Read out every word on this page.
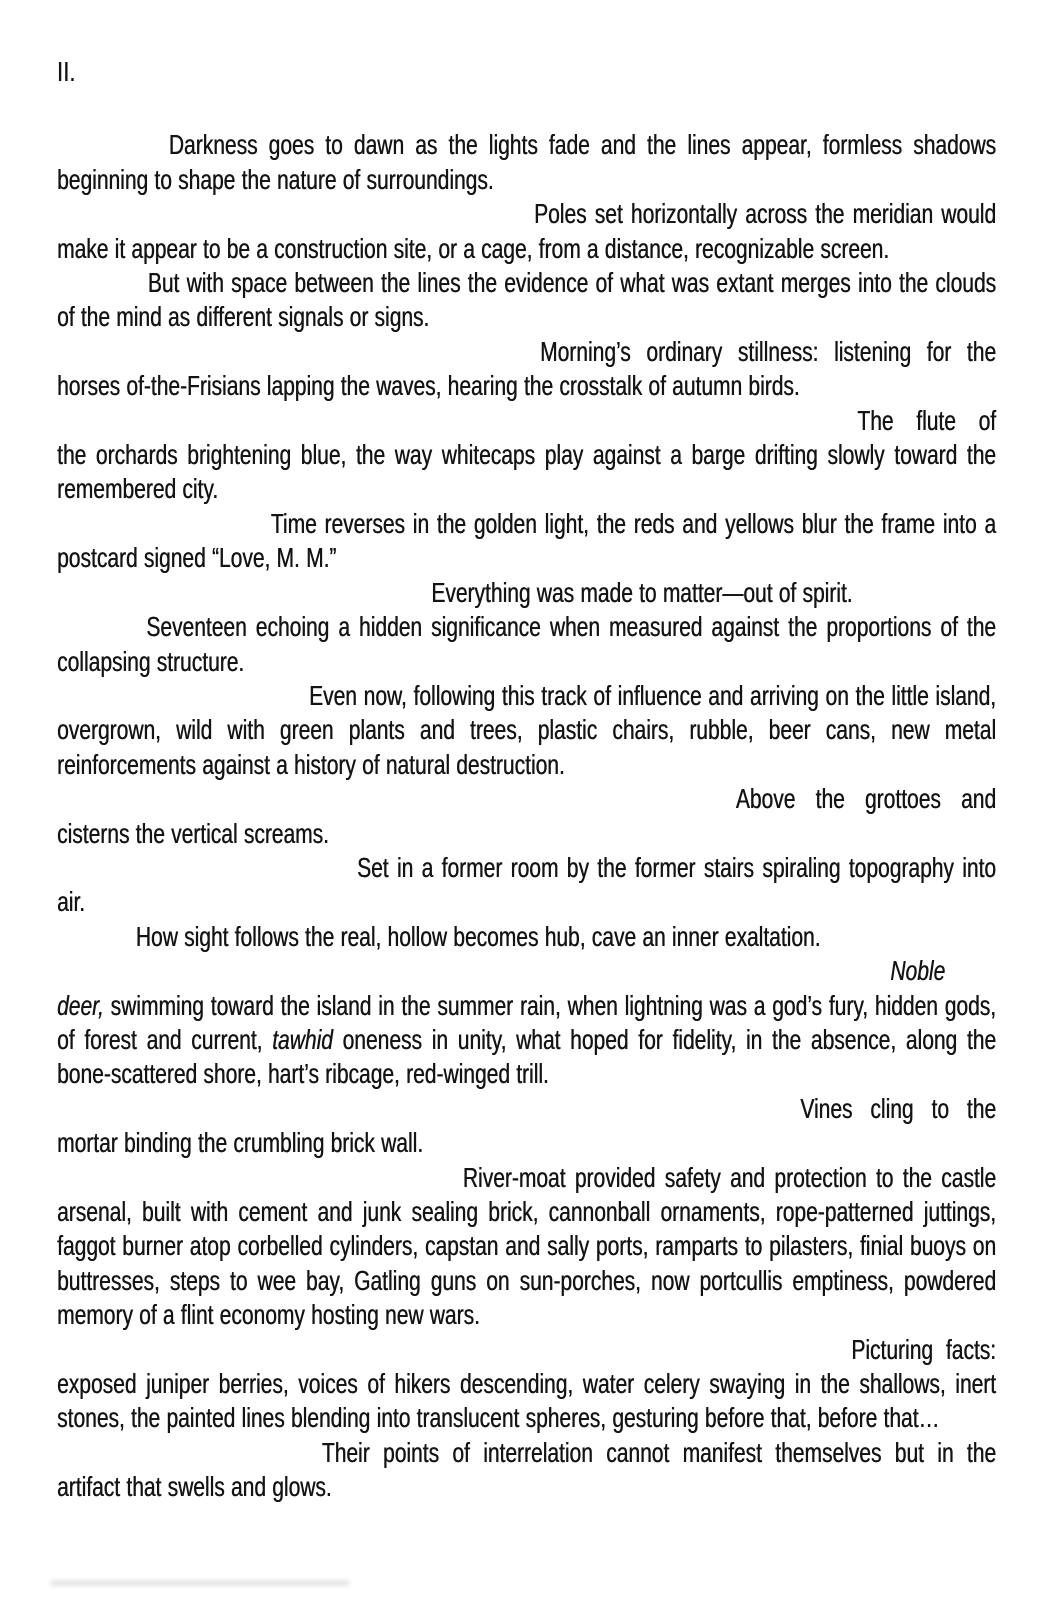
II.

Darkness goes to dawn as the lights fade and the lines appear, formless shadows beginning to shape the nature of surroundings.

Poles set horizontally across the meridian would make it appear to be a construction site, or a cage, from a distance, recognizable screen.

But with space between the lines the evidence of what was extant merges into the clouds of the mind as different signals or signs.

Morning’s ordinary stillness: listening for the horses of-the-Frisians lapping the waves, hearing the crosstalk of autumn birds.

The flute of the orchards brightening blue, the way whitecaps play against a barge drifting slowly toward the remembered city.

Time reverses in the golden light, the reds and yellows blur the frame into a postcard signed “Love, M. M.”

Everything was made to matter—out of spirit.

Seventeen echoing a hidden significance when measured against the proportions of the collapsing structure.

Even now, following this track of influence and arriving on the little island, overgrown, wild with green plants and trees, plastic chairs, rubble, beer cans, new metal reinforcements against a history of natural destruction.

Above the grottoes and cisterns the vertical screams.

Set in a former room by the former stairs spiraling topography into air.

How sight follows the real, hollow becomes hub, cave an inner exaltation.

Noble deer, swimming toward the island in the summer rain, when lightning was a god’s fury, hidden gods, of forest and current, tawhid oneness in unity, what hoped for fidelity, in the absence, along the bone-scattered shore, hart’s ribcage, red-winged trill.

Vines cling to the mortar binding the crumbling brick wall.

River-moat provided safety and protection to the castle arsenal, built with cement and junk sealing brick, cannonball ornaments, rope-patterned juttings, faggot burner atop corbelled cylinders, capstan and sally ports, ramparts to pilasters, finial buoys on buttresses, steps to wee bay, Gatling guns on sun-porches, now portcullis emptiness, powdered memory of a flint economy hosting new wars.

Picturing facts: exposed juniper berries, voices of hikers descending, water celery swaying in the shallows, inert stones, the painted lines blending into translucent spheres, gesturing before that, before that…

Their points of interrelation cannot manifest themselves but in the artifact that swells and glows.
